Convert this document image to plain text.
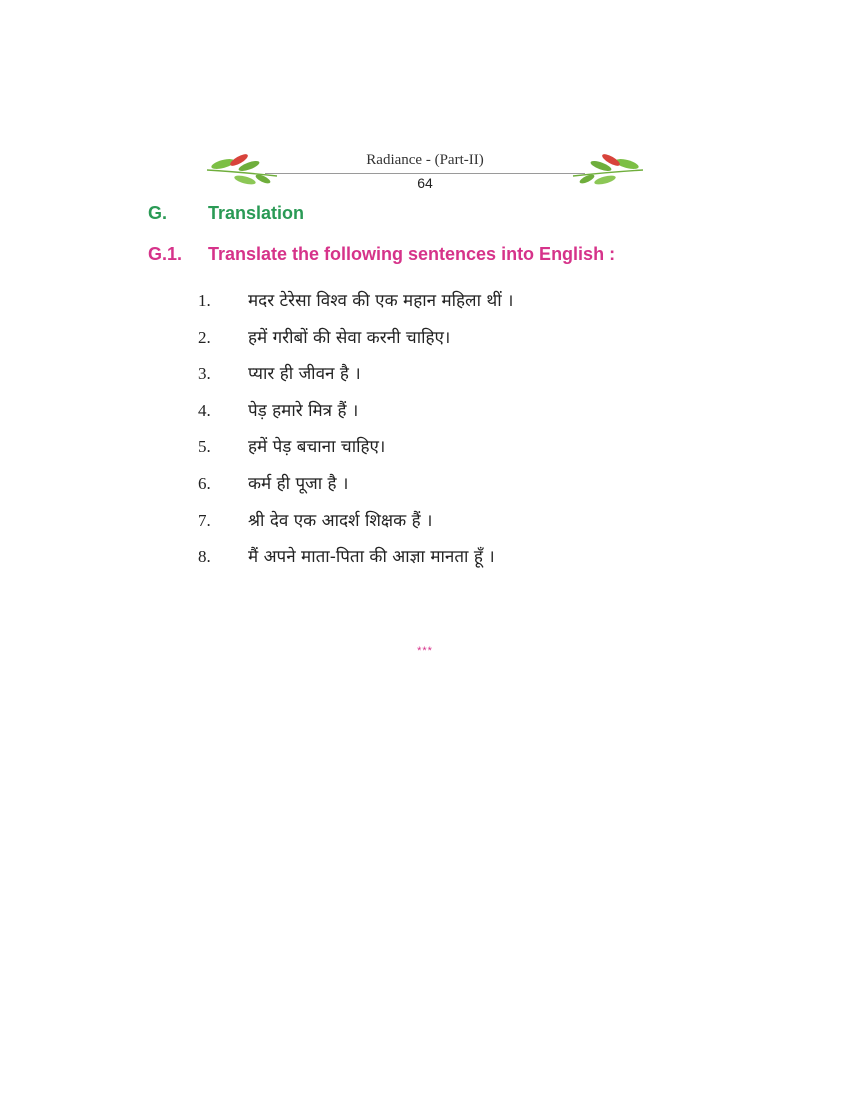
Radiance - (Part-II)
64
G. Translation
G.1. Translate the following sentences into English :
1.	मदर टेरेसा विश्व की एक महान महिला थीं ।
2.	हमें गरीबों की सेवा करनी चाहिए।
3.	प्यार ही जीवन है ।
4.	पेड़ हमारे मित्र हैं ।
5.	हमें पेड़ बचाना चाहिए।
6.	कर्म ही पूजा है ।
7.	श्री देव एक आदर्श शिक्षक हैं ।
8.	मैं अपने माता-पिता की आज्ञा मानता हूँ ।
***
